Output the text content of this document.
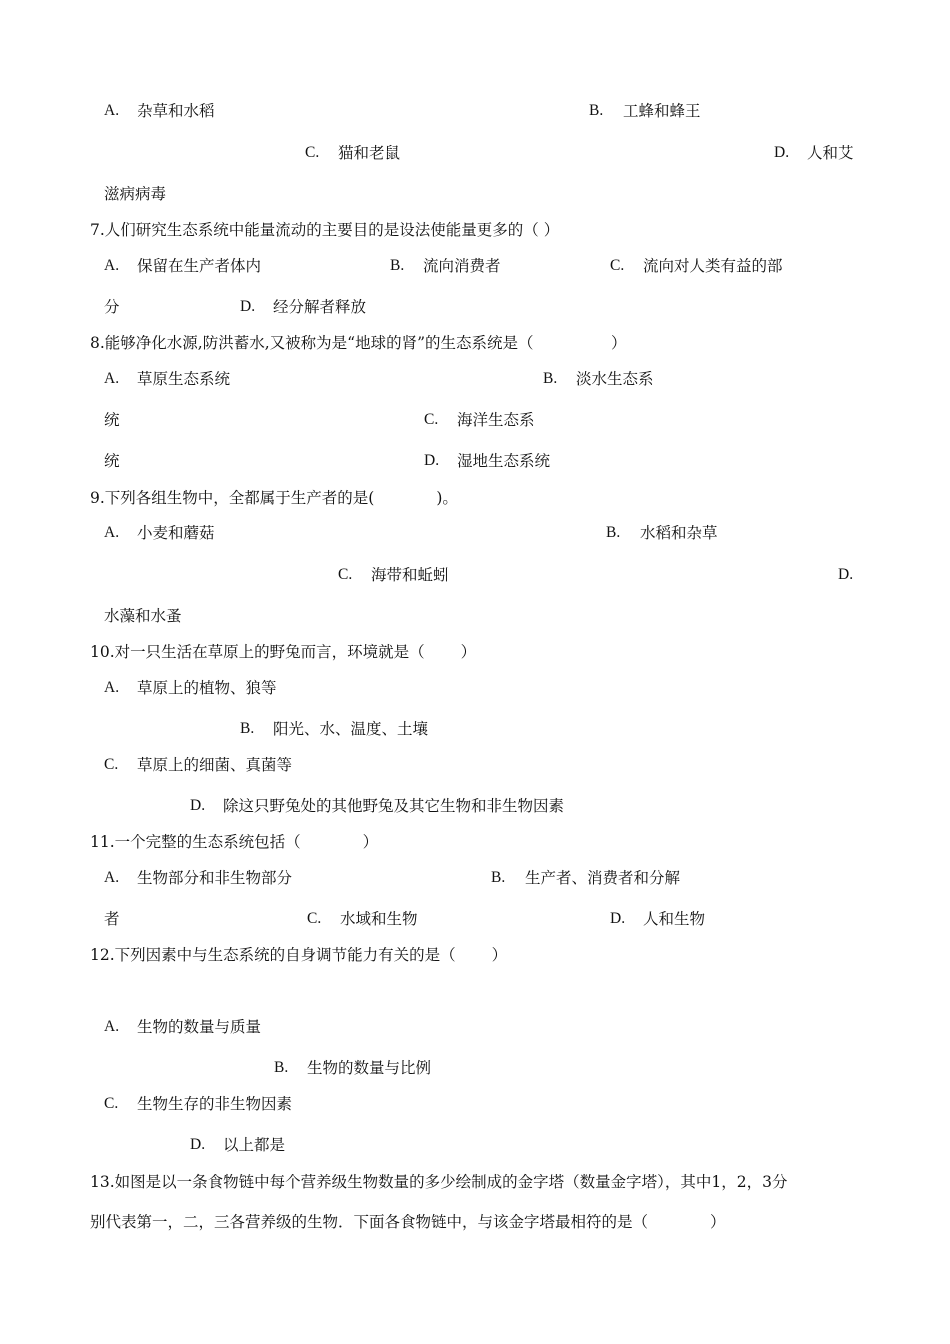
A. 杂草和水稻	B. 工蜂和蜂王
C. 猫和老鼠	D. 人和艾
滋病病毒
7.人们研究生态系统中能量流动的主要目的是设法使能量更多的（ ）
A. 保留在生产者体内	B. 流向消费者	C. 流向对人类有益的部
分	D. 经分解者释放
8.能够净化水源,防洪蓄水,又被称为是“地球的肾”的生态系统是（　　　　　）
A. 草原生态系统	B. 淡水生态系
统	C. 海洋生态系
统	D. 湿地生态系统
9.下列各组生物中，全都属于生产者的是(　　　　)。
A. 小麦和蘑菇	B. 水稻和杂草
C. 海带和蚯蚓	D.
水藻和水蚤
10.对一只生活在草原上的野兔而言，环境就是（　　 ）
A. 草原上的植物、狼等
B. 阳光、水、温度、土壤
C. 草原上的细菌、真菌等
D. 除这只野兔处的其他野兔及其它生物和非生物因素
11.一个完整的生态系统包括（　　　　）
A. 生物部分和非生物部分	B. 生产者、消费者和分解
者	C. 水域和生物	D. 人和生物
12.下列因素中与生态系统的自身调节能力有关的是（　　 ）
A. 生物的数量与质量
B. 生物的数量与比例
C. 生物生存的非生物因素
D. 以上都是
13.如图是以一条食物链中每个营养级生物数量的多少绘制成的金字塔（数量金字塔），其中1，2，3分
别代表第一，二，三各营养级的生物．下面各食物链中，与该金字塔最相符的是（　　　　）
